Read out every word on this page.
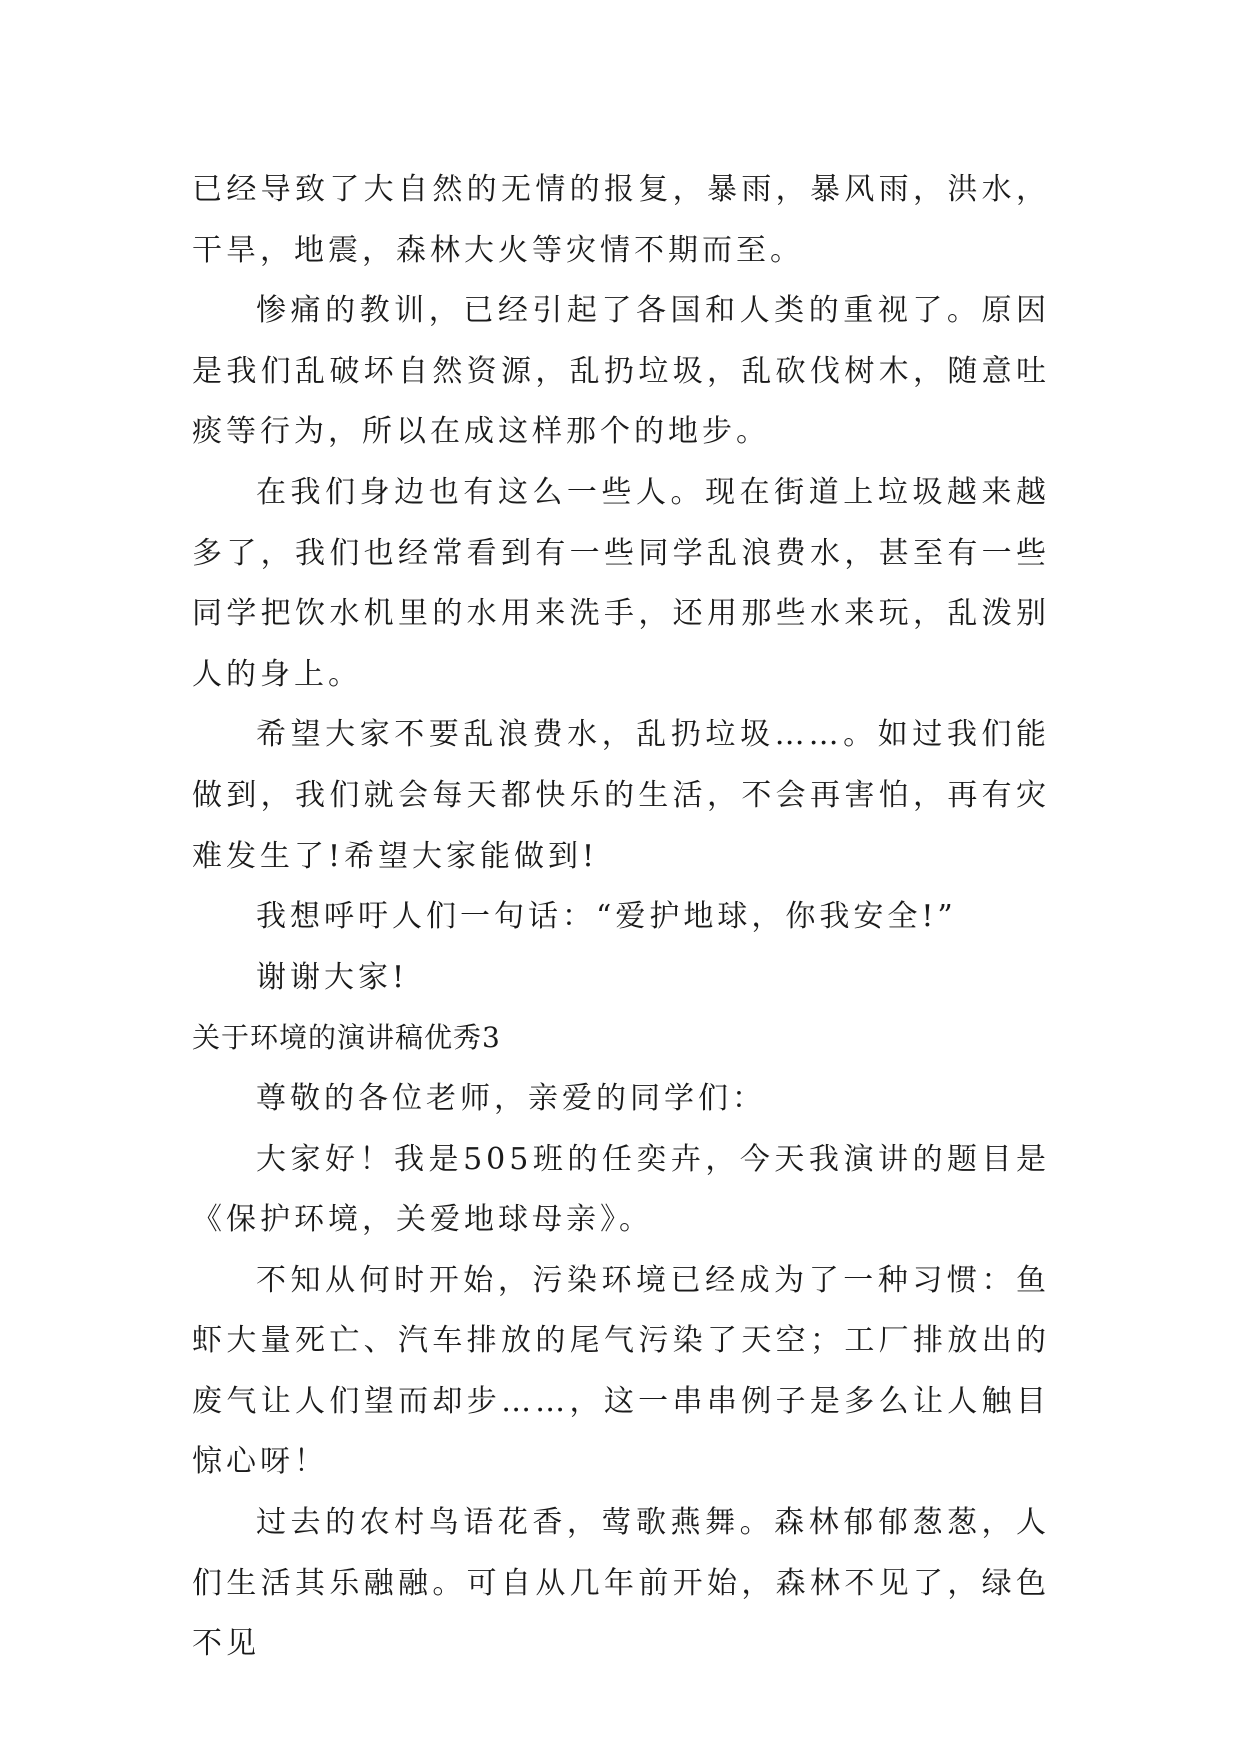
已经导致了大自然的无情的报复，暴雨，暴风雨，洪水，干旱，地震，森林大火等灾情不期而至。

惨痛的教训，已经引起了各国和人类的重视了。原因是我们乱破坏自然资源，乱扔垃圾，乱砍伐树木，随意吐痰等行为，所以在成这样那个的地步。

在我们身边也有这么一些人。现在街道上垃圾越来越多了，我们也经常看到有一些同学乱浪费水，甚至有一些同学把饮水机里的水用来洗手，还用那些水来玩，乱泼别人的身上。

希望大家不要乱浪费水，乱扔垃圾……。如过我们能做到，我们就会每天都快乐的生活，不会再害怕，再有灾难发生了!希望大家能做到!

我想呼吁人们一句话：“爱护地球，你我安全!”

谢谢大家!

关于环境的演讲稿优秀3

尊敬的各位老师，亲爱的同学们：

大家好！我是505班的任奕卉，今天我演讲的题目是《保护环境，关爱地球母亲》。

不知从何时开始，污染环境已经成为了一种习惯：鱼虾大量死亡、汽车排放的尾气污染了天空；工厂排放出的废气让人们望而却步……，这一串串例子是多么让人触目惊心呀！

过去的农村鸟语花香，莺歌燕舞。森林郁郁葱葱，人们生活其乐融融。可自从几年前开始，森林不见了，绿色不见
